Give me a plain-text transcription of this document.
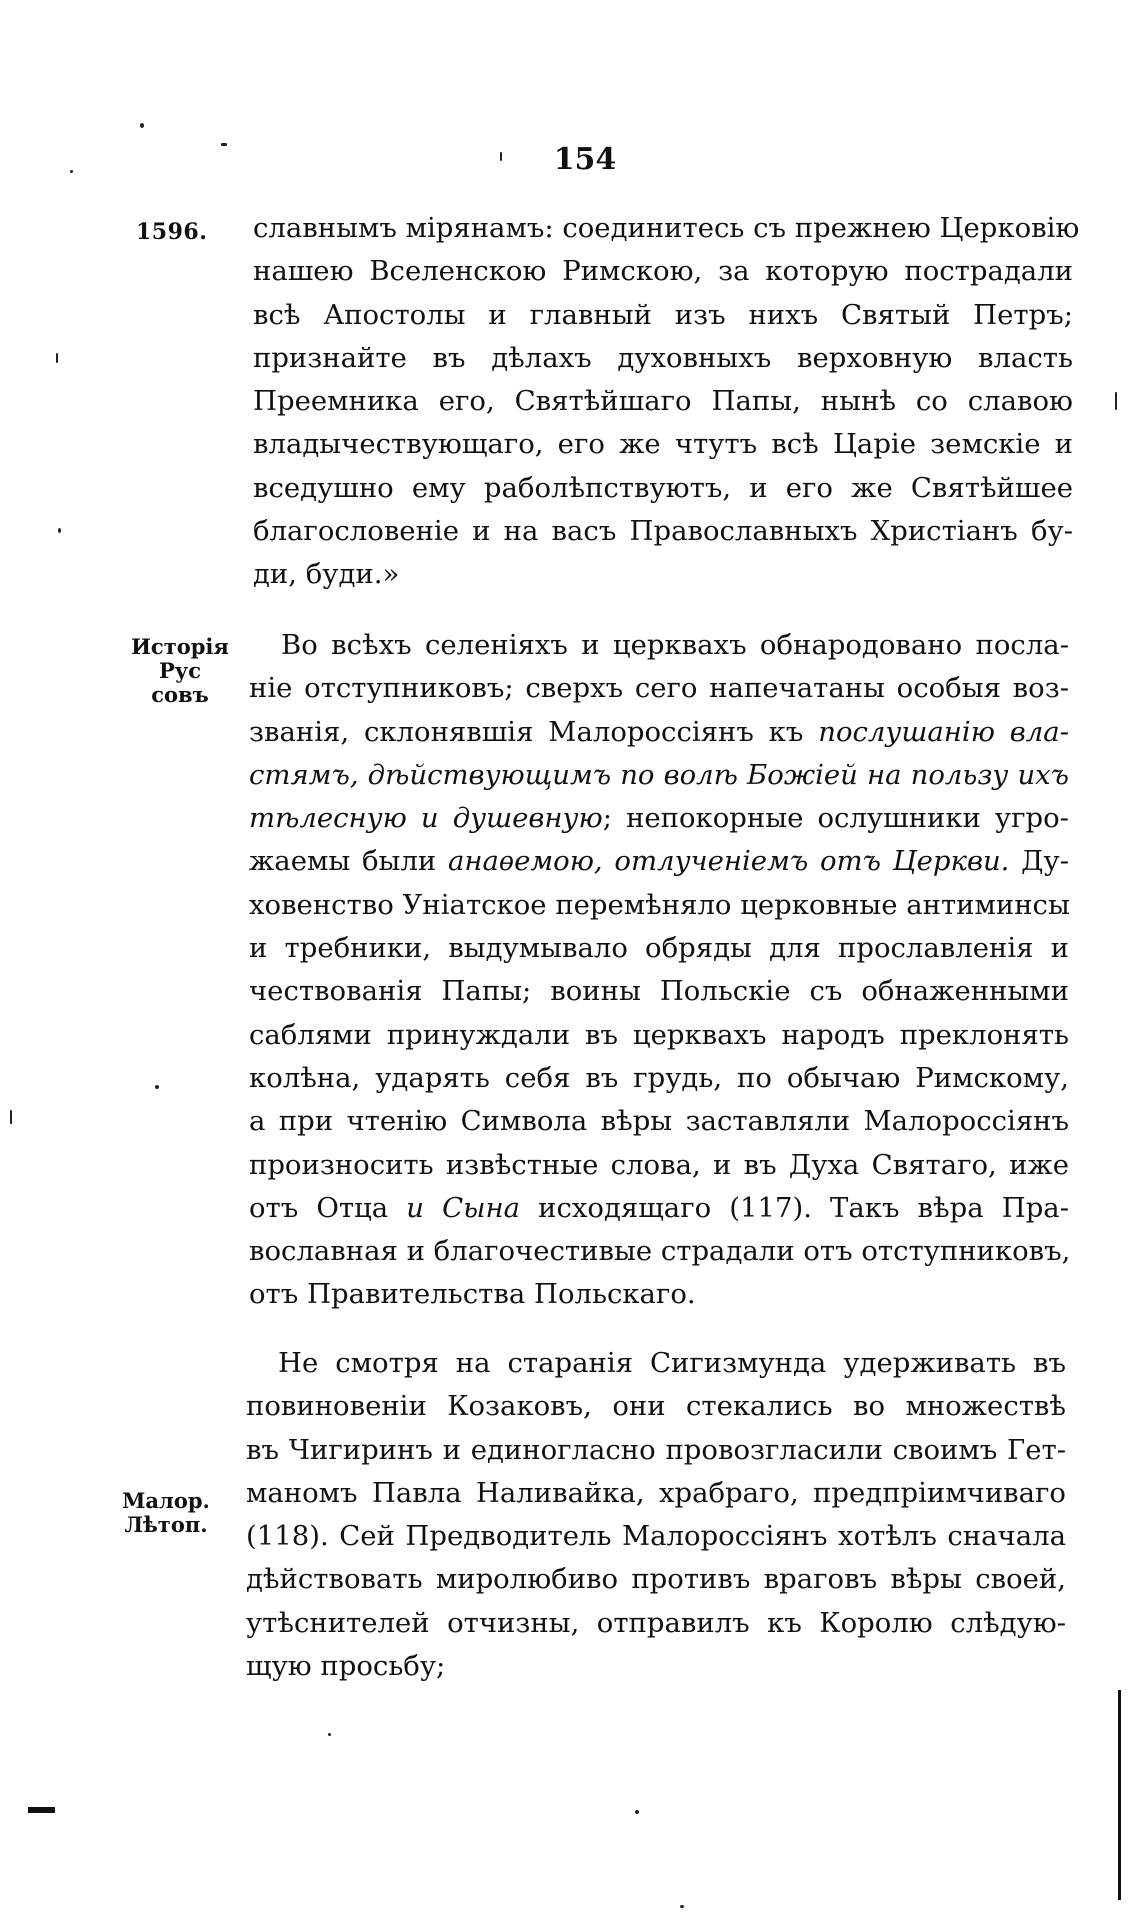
154
1596.
Исторія
Рус совъ
Малор.
Лѣтоп.
славнымъ мірянамъ: соединитесь съ прежнею Церковію
нашею Вселенскою Римскою, за которую пострадали
всѣ Апостолы и главный изъ нихъ Святый Петръ;
признайте въ дѣлахъ духовныхъ верховную власть
Преемника его, Святѣйшаго Папы, нынѣ со славою
владычествующаго, его же чтутъ всѣ Царіе земскіе и
вседушно ему раболѣпствуютъ, и его же Святѣйшее
благословеніе и на васъ Православныхъ Христіанъ бу-
ди, буди.»
Во всѣхъ селеніяхъ и церквахъ обнародовано посла-
ніе отступниковъ; сверхъ сего напечатаны особыя воз-
званія, склонявшія Малороссіянъ къ послушанію вла-
стямъ, дѣйствующимъ по волѣ Божіей на пользу ихъ
тѣлесную и душевную; непокорные ослушники угро-
жаемы были анаѳемою, отлученіемъ отъ Церкви. Ду-
ховенство Уніатское перемѣняло церковные антиминсы
и требники, выдумывало обряды для прославленія и
чествованія Папы; воины Польскіе съ обнаженными
саблями принуждали въ церквахъ народъ преклонять
колѣна, ударять себя въ грудь, по обычаю Римскому,
а при чтенію Символа вѣры заставляли Малороссіянъ
произносить извѣстные слова, и въ Духа Святаго, иже
отъ Отца и Сына исходящаго (117). Такъ вѣра Пра-
вославная и благочестивые страдали отъ отступниковъ,
отъ Правительства Польскаго.
Не смотря на старанія Сигизмунда удерживать въ
повиновеніи Козаковъ, они стекались во множествѣ
въ Чигиринъ и единогласно провозгласили своимъ Гет-
маномъ Павла Наливайка, храбраго, предпріимчиваго
(118). Сей Предводитель Малороссіянъ хотѣлъ сначала
дѣйствовать миролюбиво противъ враговъ вѣры своей,
утѣснителей отчизны, отправилъ къ Королю слѣдую-
щую просьбу;
